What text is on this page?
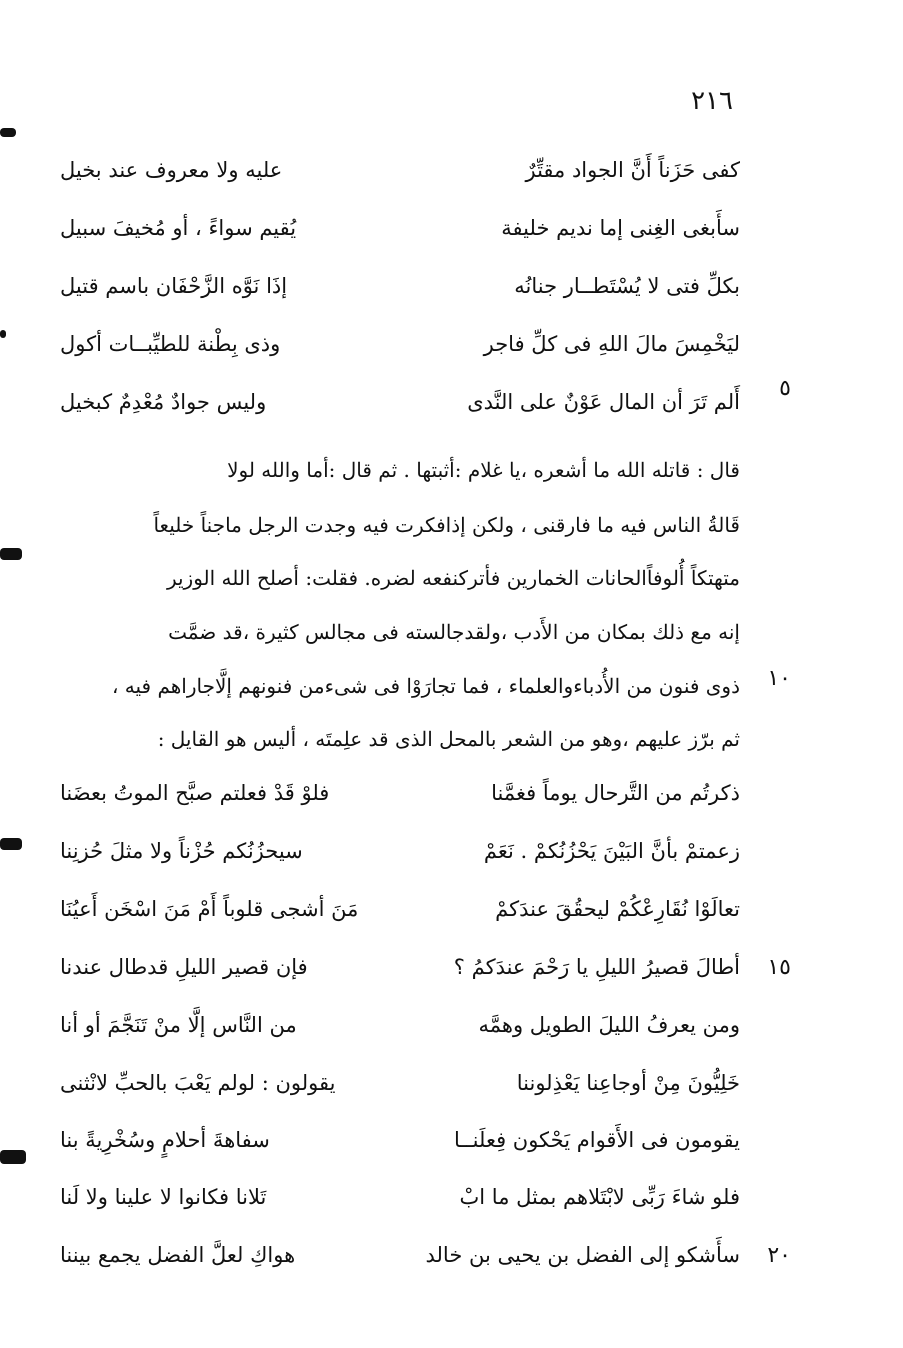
٢١٦
كفى حَزَناً أَنَّ الجواد مقتِّرٌ
عليه ولا معروف عند بخيل
سأَبغى الغِنى إما نديم خليفة
يُقيم سواءً ، أو مُخيفَ سبيل
بكلِّ فتى لا يُسْتَطــار جنانُه
إذَا نَوَّه الزَّحْفَان باسم قتيل
ليَخْمِسَ مالَ اللهِ فى كلِّ فاجر
وذى بِطْنة للطيِّبــات أكول
أَلم تَرَ أن المال عَوْنٌ على النَّدى
وليس جوادٌ مُعْدِمٌ كبخيل
٥
قال : قاتله الله ما أشعره ،يا غلام :أثبتها . ثم قال :أما والله لولا
قَالةُ الناس فيه ما فارقنى ، ولكن إذافكرت فيه وجدت الرجل ماجناً خليعاً
متهتكاً أُلوفاًالحانات الخمارين فأتركنفعه لضره. فقلت: أصلح الله الوزير
إنه مع ذلك بمكان من الأَدب ،ولقدجالسته فى مجالس كثيرة ،قد ضمَّت
ذوى فنون من الأُدباءوالعلماء ، فما تجارَوْا فى شىءمن فنونهم إلَّاجاراهم فيه ، ١٠
ثم برّز عليهم ،وهو من الشعر بالمحل الذى قد علِمتَه ، أليس هو القايل :
ذكرتُم من التَّرحال يوماً فغمَّنا
فلوْ قَدْ فعلتم صبَّح الموتُ بعضَنا
زعمتمْ بأنَّ البَيْنَ يَحْزُنُكمْ . نَعَمْ
سيحزُنُكم حُزْناً ولا مثلَ حُزنِنا
تعالَوْا نُقَارِعْكُمْ ليحقُقَ عندَكمْ
مَنَ أشجى قلوباً أَمْ مَنَ اسْخَن أَعيُنَا
أطالَ قصيرُ الليلِ يا رَحْمَ عندَكمُ ؟
فإن قصير الليلِ قدطال عندنا	١٥
ومن يعرفُ الليلَ الطويل وهمَّه
من النَّاس إلَّا منْ تَنَجَّمَ أو أنا
خَلِيُّونَ مِنْ أوجاعِنا يَعْذِلوننا
يقولون : لولم يَعْبَ بالحبِّ لانْثنى
يقومون فى الأَقوام يَحْكون فِعلَنــا
سفاهةَ أحلامٍ وسُخْرِيةً بنا
فلو شاءَ رَبِّى لابْتَلاهم بمثل ما ابْ
تَلانا فكانوا لا علينا ولا لَنا
سأَشكو إلى الفضل بن يحيى بن خالد
هواكِ لعلَّ الفضل يجمع بيننا	٢٠
